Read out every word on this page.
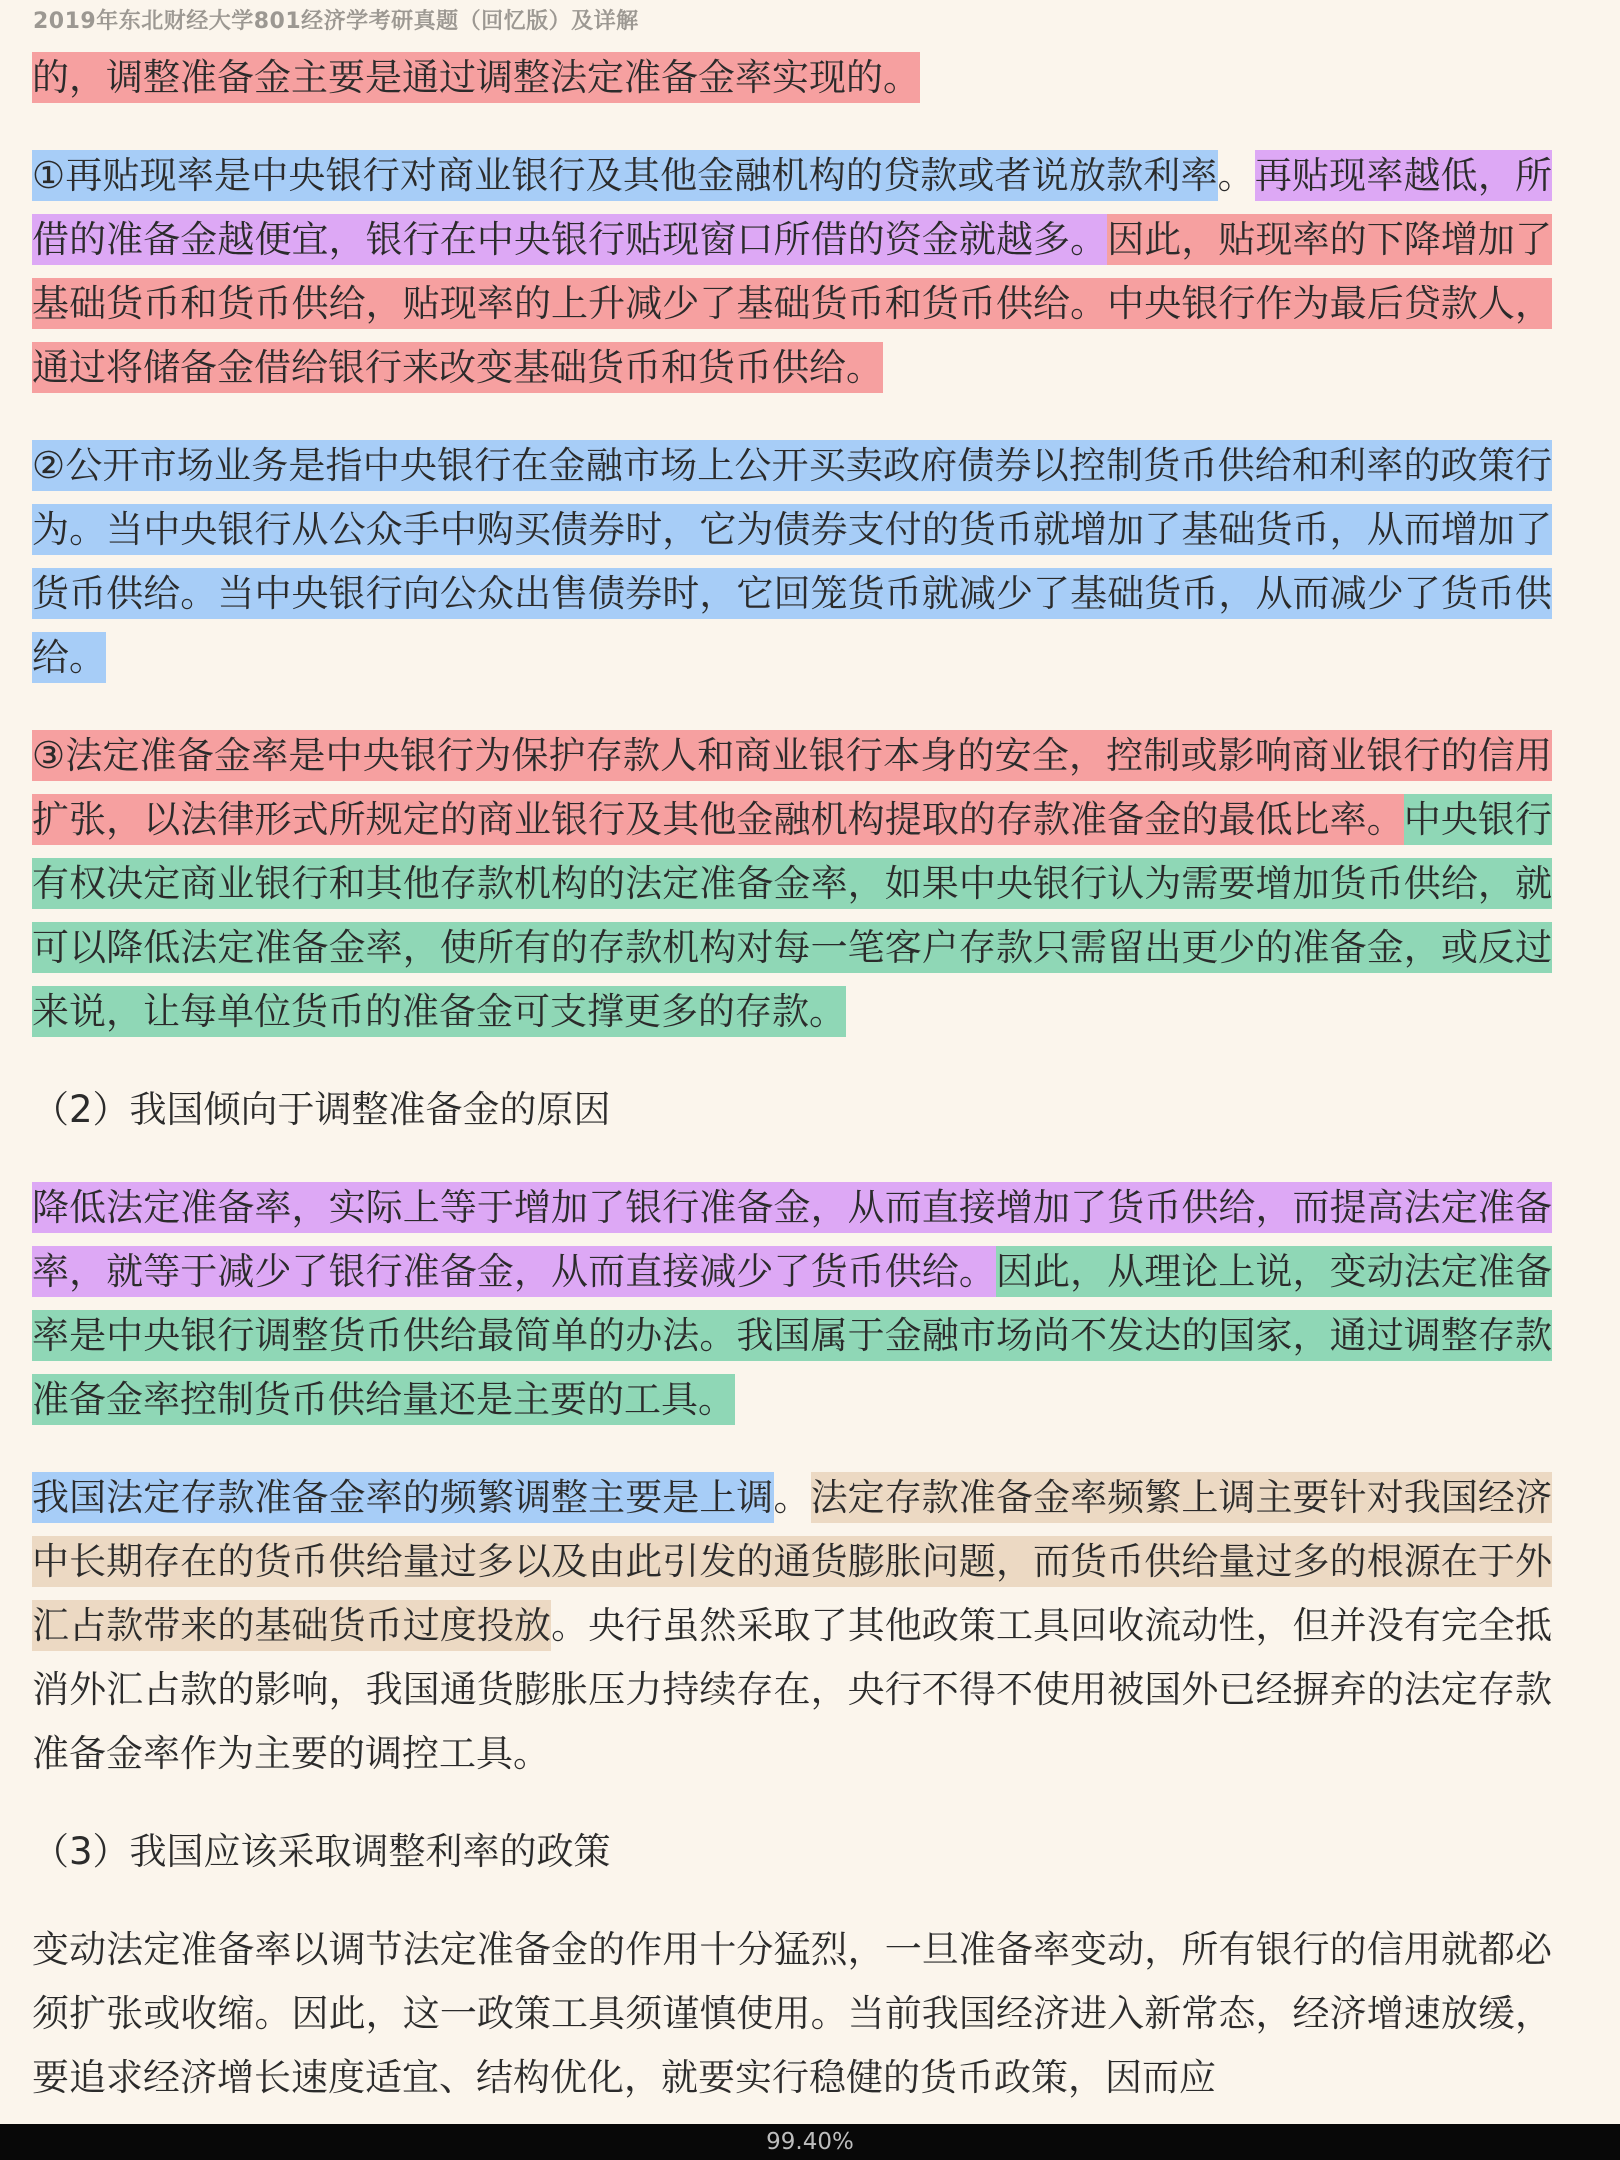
2019年东北财经大学801经济学考研真题（回忆版）及详解

的，调整准备金主要是通过调整法定准备金率实现的。

①再贴现率是中央银行对商业银行及其他金融机构的贷款或者说放款利率。再贴现率越低，所借的准备金越便宜，银行在中央银行贴现窗口所借的资金就越多。因此，贴现率的下降增加了基础货币和货币供给，贴现率的上升减少了基础货币和货币供给。中央银行作为最后贷款人，通过将储备金借给银行来改变基础货币和货币供给。

②公开市场业务是指中央银行在金融市场上公开买卖政府债券以控制货币供给和利率的政策行为。当中央银行从公众手中购买债券时，它为债券支付的货币就增加了基础货币，从而增加了货币供给。当中央银行向公众出售债券时，它回笼货币就减少了基础货币，从而减少了货币供给。

③法定准备金率是中央银行为保护存款人和商业银行本身的安全，控制或影响商业银行的信用扩张，以法律形式所规定的商业银行及其他金融机构提取的存款准备金的最低比率。中央银行有权决定商业银行和其他存款机构的法定准备金率，如果中央银行认为需要增加货币供给，就可以降低法定准备金率，使所有的存款机构对每一笔客户存款只需留出更少的准备金，或反过来说，让每单位货币的准备金可支撑更多的存款。

（2）我国倾向于调整准备金的原因

降低法定准备率，实际上等于增加了银行准备金，从而直接增加了货币供给，而提高法定准备率，就等于减少了银行准备金，从而直接减少了货币供给。因此，从理论上说，变动法定准备率是中央银行调整货币供给最简单的办法。我国属于金融市场尚不发达的国家，通过调整存款准备金率控制货币供给量还是主要的工具。

我国法定存款准备金率的频繁调整主要是上调。法定存款准备金率频繁上调主要针对我国经济中长期存在的货币供给量过多以及由此引发的通货膨胀问题，而货币供给量过多的根源在于外汇占款带来的基础货币过度投放。央行虽然采取了其他政策工具回收流动性，但并没有完全抵消外汇占款的影响，我国通货膨胀压力持续存在，央行不得不使用被国外已经摒弃的法定存款准备金率作为主要的调控工具。

（3）我国应该采取调整利率的政策

变动法定准备率以调节法定准备金的作用十分猛烈，一旦准备率变动，所有银行的信用就都必须扩张或收缩。因此，这一政策工具须谨慎使用。当前我国经济进入新常态，经济增速放缓，要追求经济增长速度适宜、结构优化，就要实行稳健的货币政策，因而应

99.40%
